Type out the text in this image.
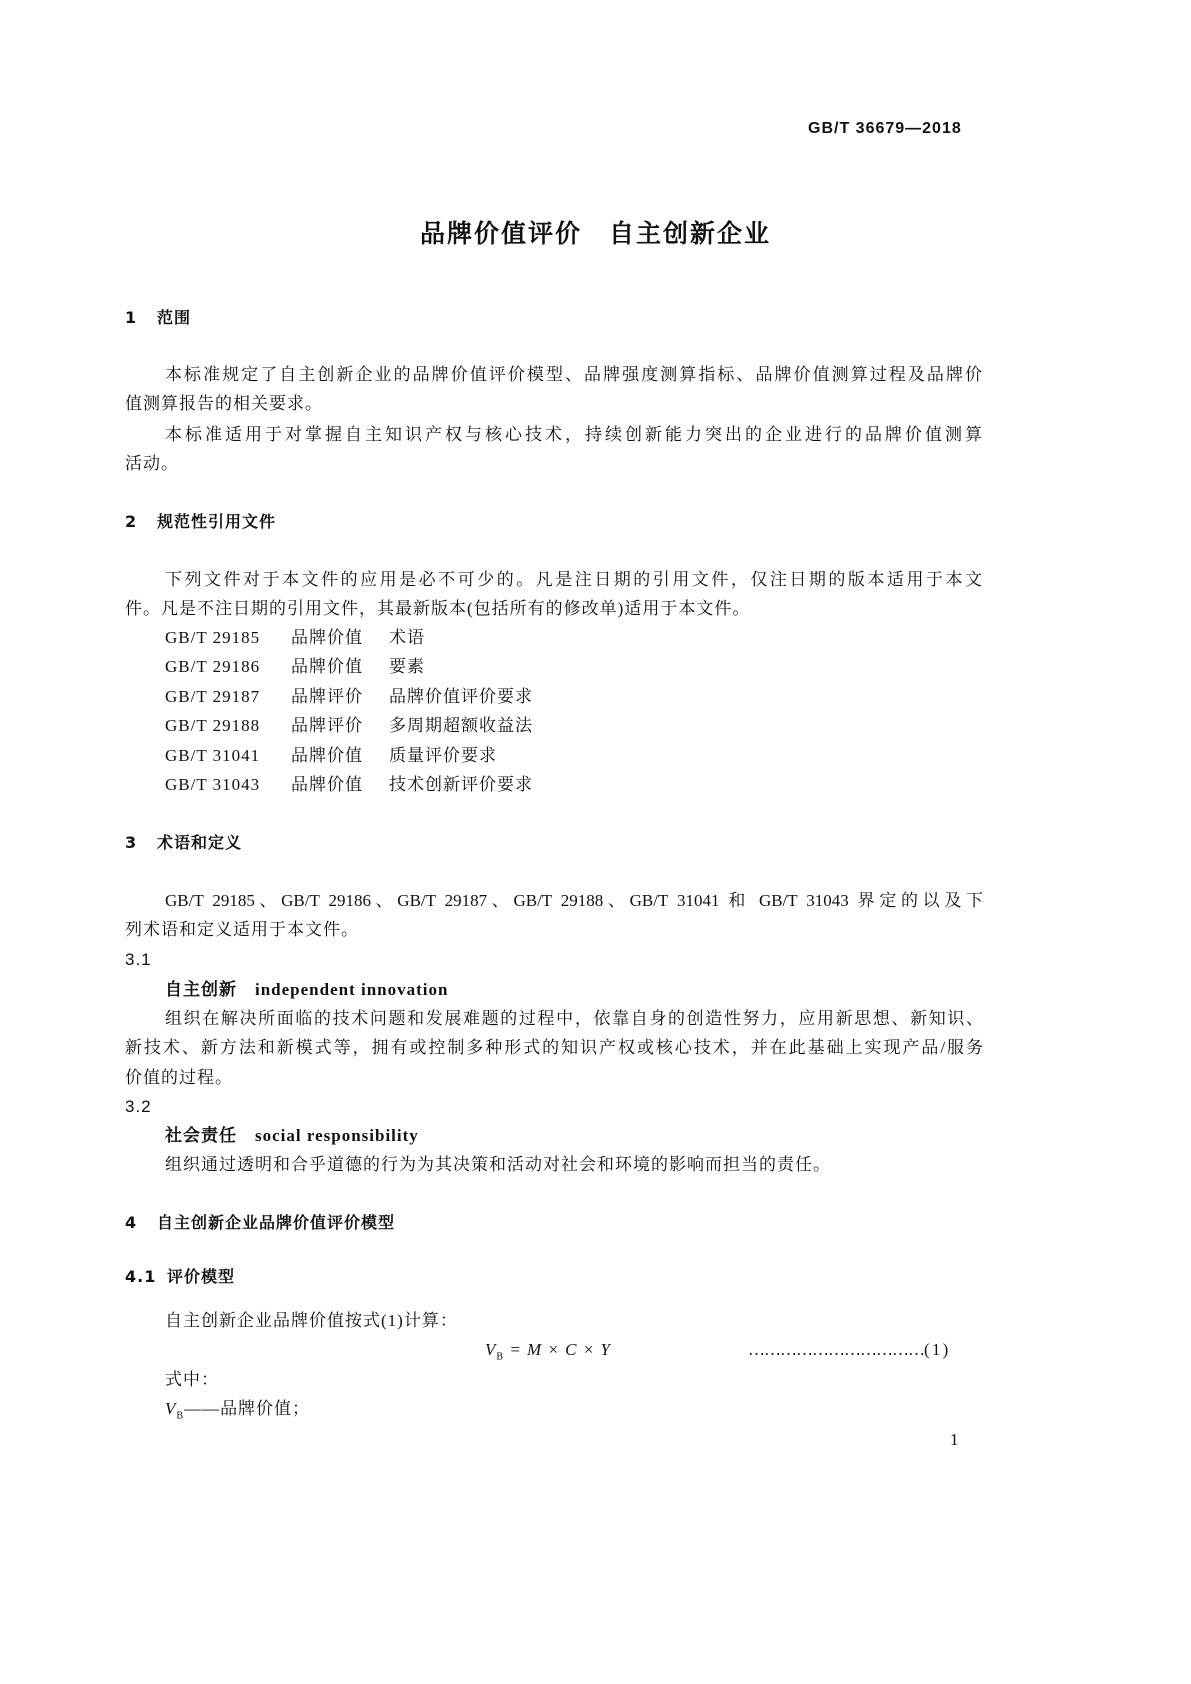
GB/T 36679—2018
品牌价值评价　自主创新企业
1 范围
本标准规定了自主创新企业的品牌价值评价模型、品牌强度测算指标、品牌价值测算过程及品牌价
值测算报告的相关要求。
本标准适用于对掌握自主知识产权与核心技术，持续创新能力突出的企业进行的品牌价值测算
活动。
2 规范性引用文件
下列文件对于本文件的应用是必不可少的。凡是注日期的引用文件，仅注日期的版本适用于本文
件。凡是不注日期的引用文件，其最新版本(包括所有的修改单)适用于本文件。
GB/T 29185 品牌价值 术语
GB/T 29186 品牌价值 要素
GB/T 29187 品牌评价 品牌价值评价要求
GB/T 29188 品牌评价 多周期超额收益法
GB/T 31041 品牌价值 质量评价要求
GB/T 31043 品牌价值 技术创新评价要求
3 术语和定义
GB/T 29185、GB/T 29186、GB/T 29187、GB/T 29188、GB/T 31041 和 GB/T 31043 界定的以及下
列术语和定义适用于本文件。
3.1
自主创新 independent innovation
组织在解决所面临的技术问题和发展难题的过程中，依靠自身的创造性努力，应用新思想、新知识、
新技术、新方法和新模式等，拥有或控制多种形式的知识产权或核心技术，并在此基础上实现产品/服务
价值的过程。
3.2
社会责任 social responsibility
组织通过透明和合乎道德的行为为其决策和活动对社会和环境的影响而担当的责任。
4 自主创新企业品牌价值评价模型
4.1 评价模型
自主创新企业品牌价值按式(1)计算：
$V_B = M \times C \times Y$	……………………………( 1 )
式中：
$V_B——$品牌价值；
1
